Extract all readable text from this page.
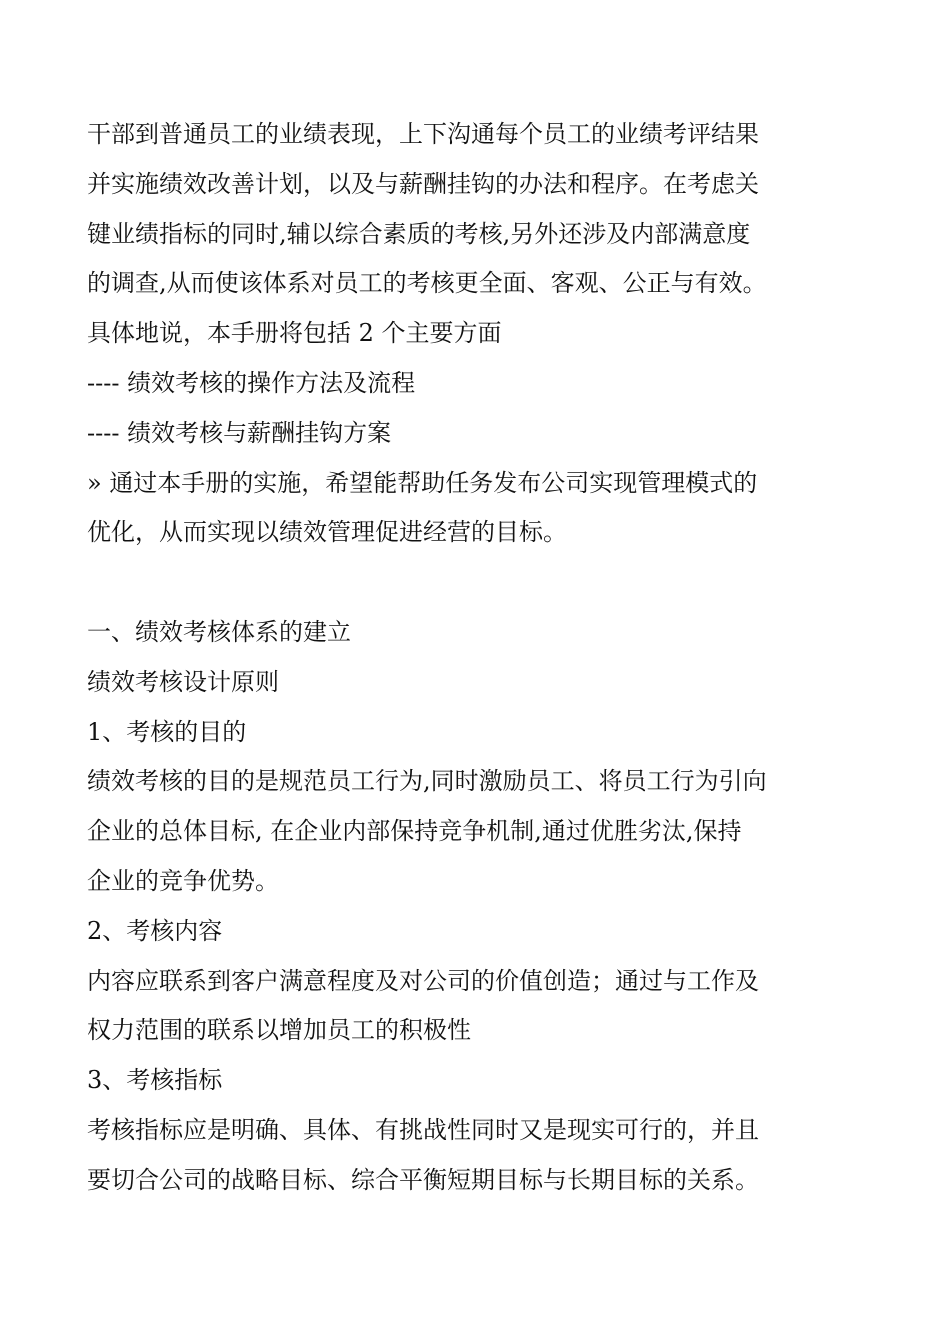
干部到普通员工的业绩表现，上下沟通每个员工的业绩考评结果
并实施绩效改善计划，以及与薪酬挂钩的办法和程序。在考虑关
键业绩指标的同时,辅以综合素质的考核,另外还涉及内部满意度
的调查,从而使该体系对员工的考核更全面、客观、公正与有效。
具体地说，本手册将包括 2 个主要方面
---- 绩效考核的操作方法及流程
---- 绩效考核与薪酬挂钩方案
» 通过本手册的实施，希望能帮助任务发布公司实现管理模式的
优化，从而实现以绩效管理促进经营的目标。
一、绩效考核体系的建立
绩效考核设计原则
1、考核的目的
绩效考核的目的是规范员工行为,同时激励员工、将员工行为引向
企业的总体目标, 在企业内部保持竞争机制,通过优胜劣汰,保持
企业的竞争优势。
2、考核内容
内容应联系到客户满意程度及对公司的价值创造；通过与工作及
权力范围的联系以增加员工的积极性
3、考核指标
考核指标应是明确、具体、有挑战性同时又是现实可行的，并且
要切合公司的战略目标、综合平衡短期目标与长期目标的关系。
